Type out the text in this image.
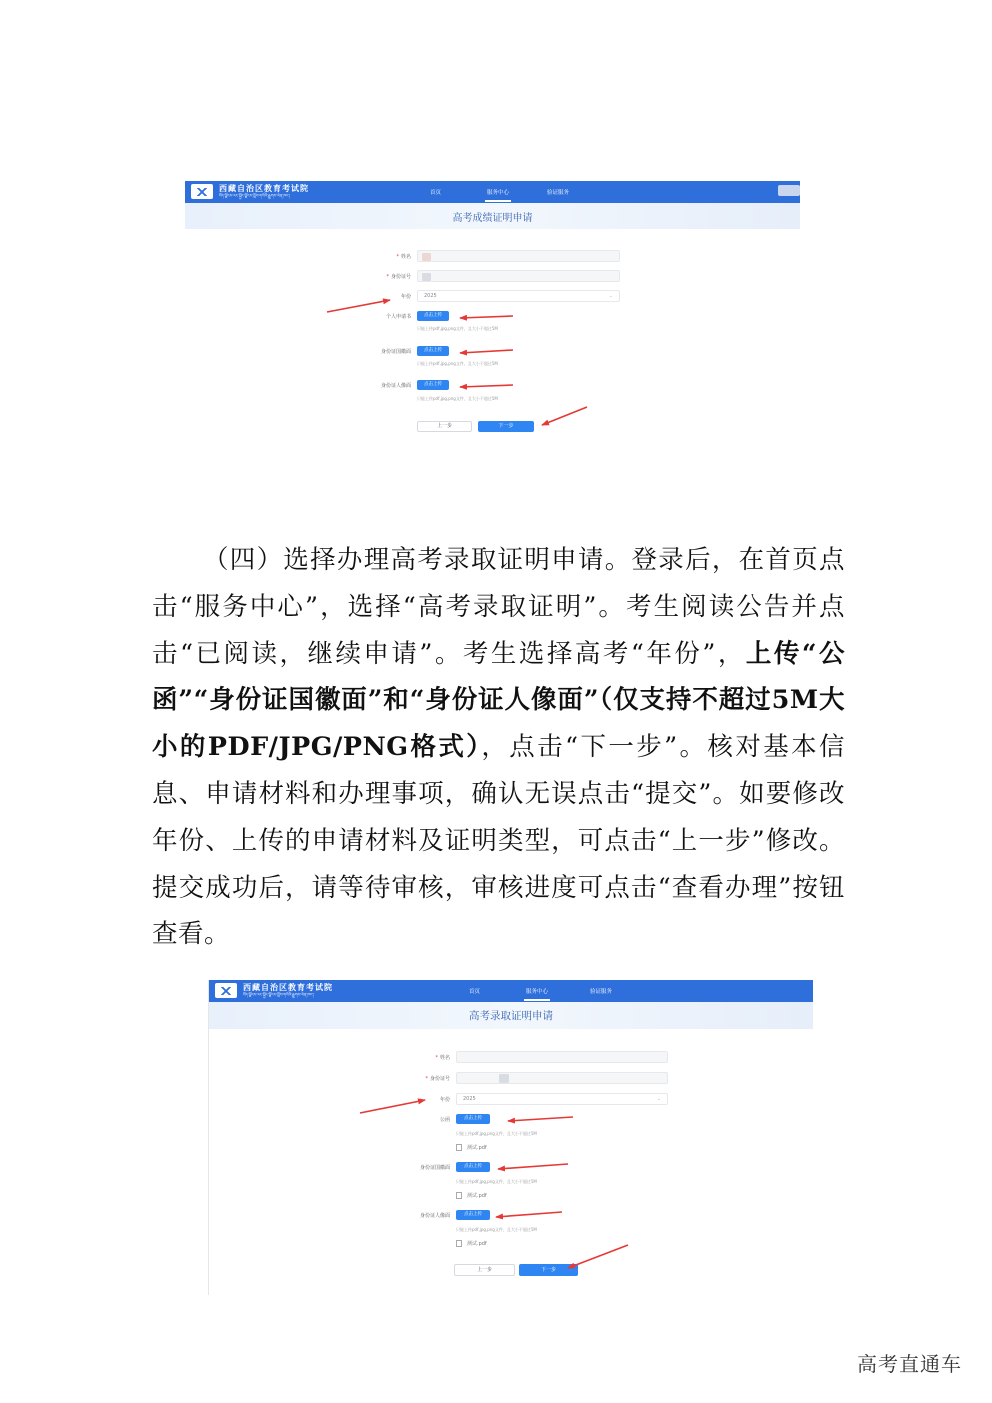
西藏自治区教育考试院
བོད་ལྗོངས་རང་སྐྱོང་ལྗོངས་སློབ་གསོའི་རྒྱུགས་ལེན་ཁང་།	首页	服务中心	验证服务
高考成绩证明申请
* 姓名
* 身份证号
年份	2025	⌄
个人申请书	点击上传
只能上传pdf,jpg,png文件，且大小不超过5M
身份证国徽面	点击上传
只能上传pdf,jpg,png文件，且大小不超过5M
身份证人像面	点击上传
只能上传pdf,jpg,png文件，且大小不超过5M
上一步	下一步

（四）选择办理高考录取证明申请。登录后，在首页点击“服务中心”，选择“高考录取证明”。考生阅读公告并点击“已阅读，继续申请”。考生选择高考“年份”，上传“公函”“身份证国徽面”和“身份证人像面”（仅支持不超过5M大小的PDF/JPG/PNG格式），点击“下一步”。核对基本信息、申请材料和办理事项，确认无误点击“提交”。如要修改年份、上传的申请材料及证明类型，可点击“上一步”修改。提交成功后，请等待审核，审核进度可点击“查看办理”按钮查看。

西藏自治区教育考试院
བོད་ལྗོངས་རང་སྐྱོང་ལྗོངས་སློབ་གསོའི་རྒྱུགས་ལེན་ཁང་།	首页	服务中心	验证服务
高考录取证明申请
* 姓名
* 身份证号
年份	2025	⌄
公函	点击上传
只能上传pdf,jpg,png文件，且大小不超过5M
测试.pdf
身份证国徽面	点击上传
只能上传pdf,jpg,png文件，且大小不超过5M
测试.pdf
身份证人像面	点击上传
只能上传pdf,jpg,png文件，且大小不超过5M
测试.pdf
上一步	下一步
高考直通车
